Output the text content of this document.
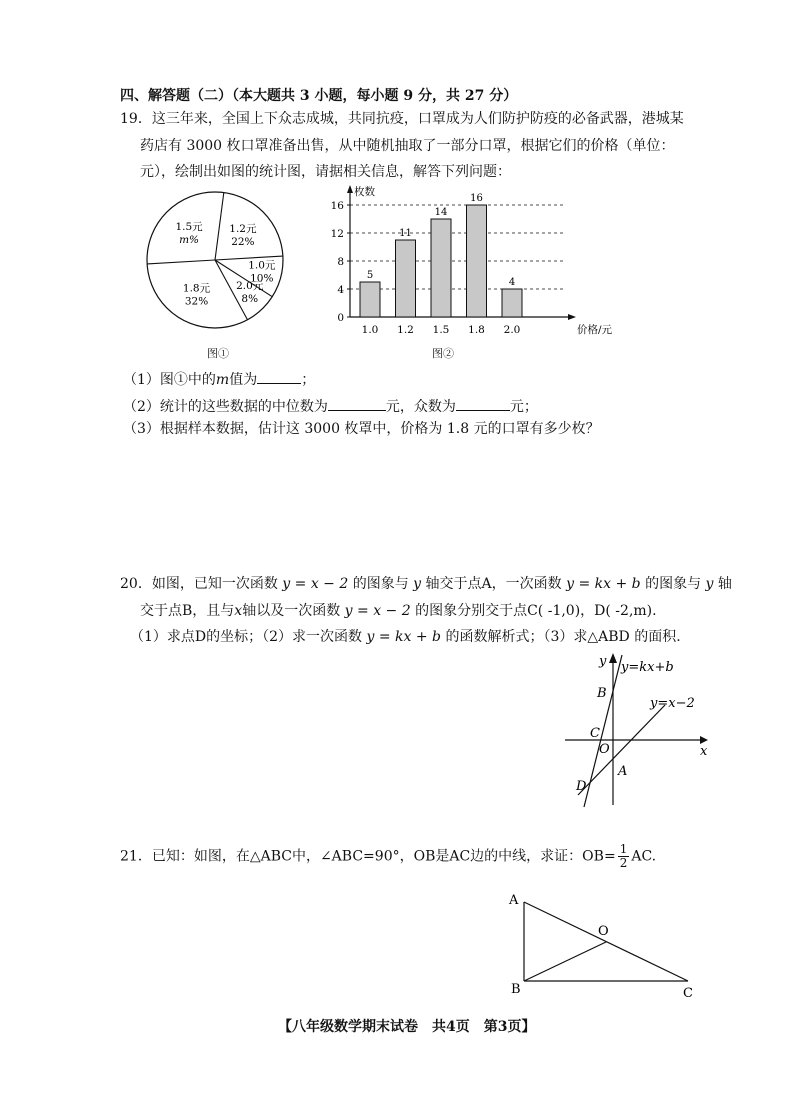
四、解答题（二）（本大题共 3 小题，每小题 9 分，共 27 分）
19．这三年来，全国上下众志成城，共同抗疫，口罩成为人们防护防疫的必备武器，港城某
药店有 3000 枚口罩准备出售，从中随机抽取了一部分口罩，根据它们的价格（单位：
元），绘制出如图的统计图，请据相关信息，解答下列问题：
1.2元
22%
1.0元
10%
2.0元
8%
1.8元
32%
1.5元
m%
图①
0
4
8
12
16
枚数
价格/元
5
1.0
11
1.2
14
1.5
16
1.8
4
2.0
图②
（1）图①中的m值为	；
（2）统计的这些数据的中位数为	元，众数为	元；
（3）根据样本数据，估计这 3000 枚罩中，价格为 1.8 元的口罩有多少枚？
20．如图，已知一次函数 y = x − 2 的图象与 y 轴交于点A，一次函数 y = kx + b 的图象与 y 轴
交于点B，且与x轴以及一次函数 y = x − 2 的图象分别交于点C( -1,0)，D( -2,m).
（1）求点D的坐标；（2）求一次函数 y = kx + b 的函数解析式；（3）求△ABD 的面积.
y
x
y=kx+b
y=x−2
B
C
O
A
D
21．已知：如图，在△ABC中，∠ABC=90°，OB是AC边的中线，求证：$OB= \frac{1}{2}$ AC.
A
B	C
O
【八年级数学期末试卷　共4页　第3页】
